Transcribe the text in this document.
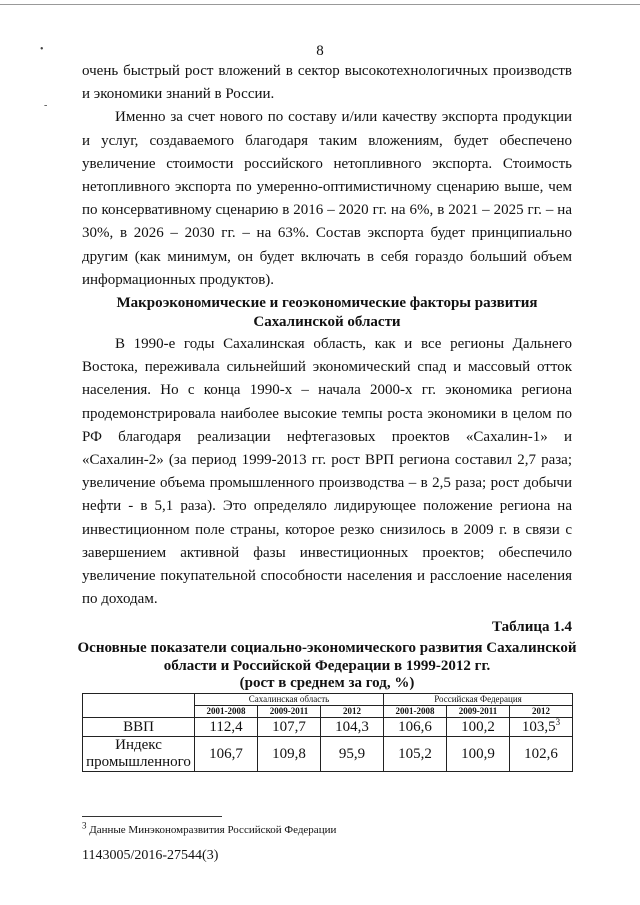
•
-
8

очень быстрый рост вложений в сектор высокотехнологичных производств и экономики знаний в России.

Именно за счет нового по составу и/или качеству экспорта продукции и услуг, создаваемого благодаря таким вложениям, будет обеспечено увеличение стоимости российского нетопливного экспорта. Стоимость нетопливного экспорта по умеренно-оптимистичному сценарию выше, чем по консервативному сценарию в 2016 – 2020 гг. на 6%, в 2021 – 2025 гг. – на 30%, в 2026 – 2030 гг. – на 63%. Состав экспорта будет принципиально другим (как минимум, он будет включать в себя гораздо больший объем информационных продуктов).

Макроэкономические и геоэкономические факторы развития
Сахалинской области

В 1990-е годы Сахалинская область, как и все регионы Дальнего Востока, переживала сильнейший экономический спад и массовый отток населения. Но с конца 1990-х – начала 2000-х гг. экономика региона продемонстрировала наиболее высокие темпы роста экономики в целом по РФ благодаря реализации нефтегазовых проектов «Сахалин-1» и «Сахалин-2» (за период 1999-2013 гг. рост ВРП региона составил 2,7 раза; увеличение объема промышленного производства – в 2,5 раза; рост добычи нефти - в 5,1 раза). Это определяло лидирующее положение региона на инвестиционном поле страны, которое резко снизилось в 2009 г. в связи с завершением активной фазы инвестиционных проектов; обеспечило увеличение покупательной способности населения и расслоение населения по доходам.

Таблица 1.4
Основные показатели социально-экономического развития Сахалинской
области и Российской Федерации в 1999-2012 гг.
(рост в среднем за год, %)
	Сахалинская область			Российская Федерация		
	2001-2008	2009-2011	2012	2001-2008	2009-2011	2012
ВВП	112,4	107,7	104,3	106,6	100,2	103,5$^3$
Индекс промышленного	106,7	109,8	95,9	105,2	100,9	102,6
$^3$ Данные Минэкономразвития Российской Федерации
1143005/2016-27544(3)
